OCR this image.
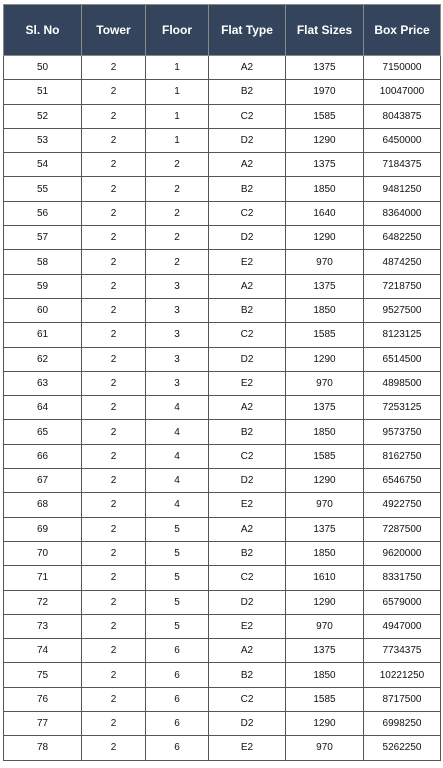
Sl. No	Tower	Floor	Flat Type	Flat Sizes	Box Price
50	2	1	A2	1375	7150000
51	2	1	B2	1970	10047000
52	2	1	C2	1585	8043875
53	2	1	D2	1290	6450000
54	2	2	A2	1375	7184375
55	2	2	B2	1850	9481250
56	2	2	C2	1640	8364000
57	2	2	D2	1290	6482250
58	2	2	E2	970	4874250
59	2	3	A2	1375	7218750
60	2	3	B2	1850	9527500
61	2	3	C2	1585	8123125
62	2	3	D2	1290	6514500
63	2	3	E2	970	4898500
64	2	4	A2	1375	7253125
65	2	4	B2	1850	9573750
66	2	4	C2	1585	8162750
67	2	4	D2	1290	6546750
68	2	4	E2	970	4922750
69	2	5	A2	1375	7287500
70	2	5	B2	1850	9620000
71	2	5	C2	1610	8331750
72	2	5	D2	1290	6579000
73	2	5	E2	970	4947000
74	2	6	A2	1375	7734375
75	2	6	B2	1850	10221250
76	2	6	C2	1585	8717500
77	2	6	D2	1290	6998250
78	2	6	E2	970	5262250
